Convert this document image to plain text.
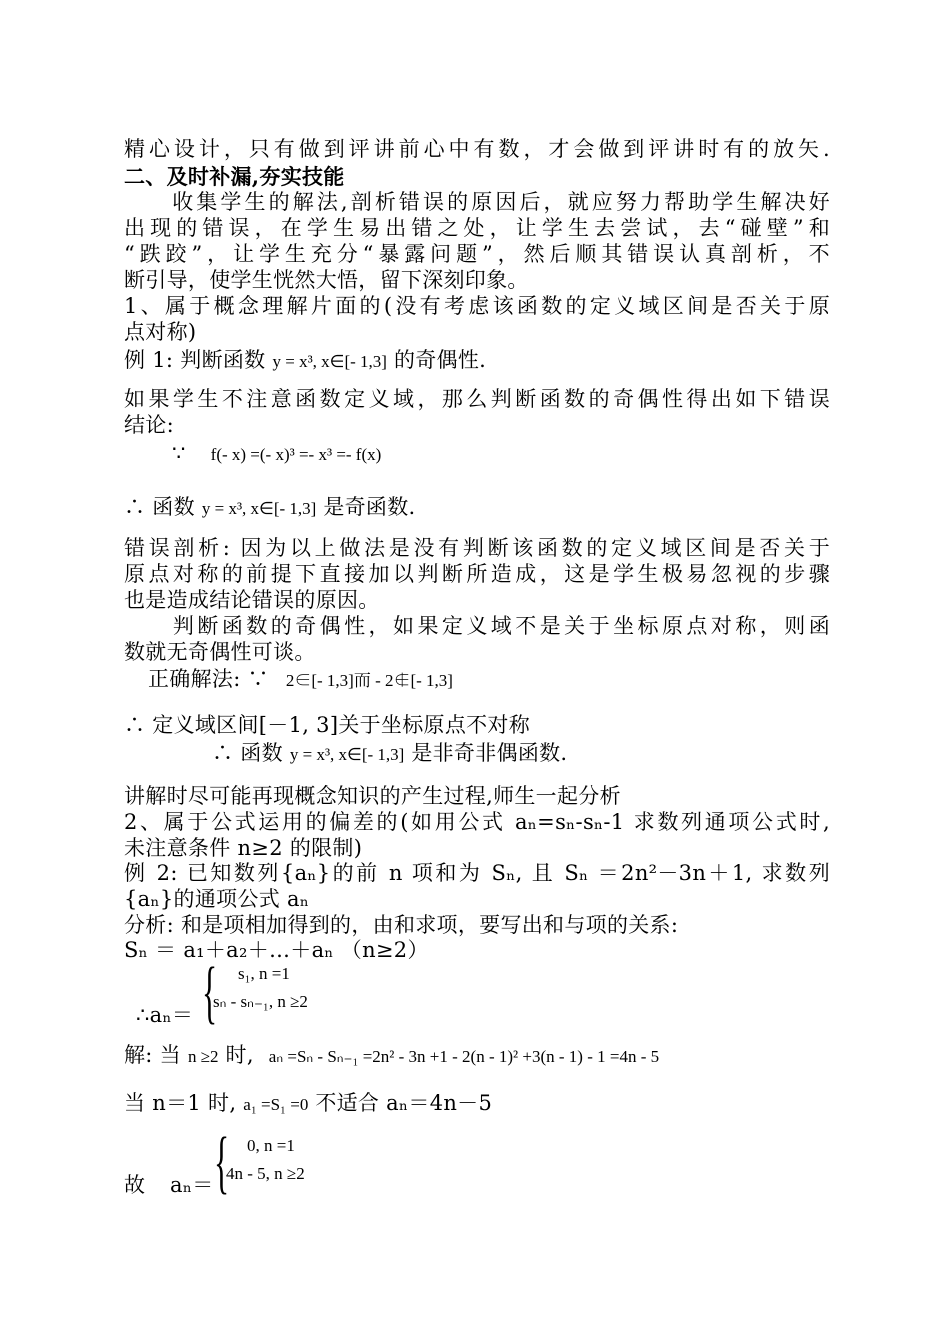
精心设计，只有做到评讲前心中有数，才会做到评讲时有的放矢.
二、及时补漏,夯实技能
　　收集学生的解法,剖析错误的原因后，就应努力帮助学生解决好
出现的错误，在学生易出错之处，让学生去尝试，去“碰壁”和
“跌跤”，让学生充分“暴露问题”，然后顺其错误认真剖析，不
断引导，使学生恍然大悟，留下深刻印象。
1、属于概念理解片面的(没有考虑该函数的定义域区间是否关于原
点对称)
例 1: 判断函数 y = x³, x∈[- 1,3] 的奇偶性.
如果学生不注意函数定义域，那么判断函数的奇偶性得出如下错误
结论:
∵ f(- x) =(- x)³ =- x³ =- f(x)
∴ 函数 y = x³, x∈[- 1,3] 是奇函数.
错误剖析: 因为以上做法是没有判断该函数的定义域区间是否关于
原点对称的前提下直接加以判断所造成，这是学生极易忽视的步骤
也是造成结论错误的原因。
　　判断函数的奇偶性，如果定义域不是关于坐标原点对称，则函
数就无奇偶性可谈。
正确解法: ∵ 2∈[- 1,3]而 - 2∉[- 1,3]
∴ 定义域区间[－1, 3]关于坐标原点不对称
∴ 函数 y = x³, x∈[- 1,3] 是非奇非偶函数.
讲解时尽可能再现概念知识的产生过程,师生一起分析
2、属于公式运用的偏差的(如用公式 aₙ=sₙ-sₙ-1 求数列通项公式时,
未注意条件 n≥2 的限制)
例 2: 已知数列{aₙ}的前 n 项和为 Sₙ, 且 Sₙ ＝2n²－3n＋1, 求数列
{aₙ}的通项公式 aₙ
分析: 和是项相加得到的，由和求项，要写出和与项的关系:
Sₙ ＝ a₁＋a₂＋…＋aₙ （n≥2）
∴aₙ＝ { s₁, n =1
sₙ - sₙ₋₁, n ≥2
解: 当 n ≥2 时, aₙ =Sₙ - Sₙ₋₁ =2n² - 3n +1 - 2(n - 1)² +3(n - 1) - 1 =4n - 5
当 n＝1 时, a₁ =S₁ =0 不适合 aₙ＝4n－5
故	aₙ＝ { 0, n =1
4n - 5, n ≥2
